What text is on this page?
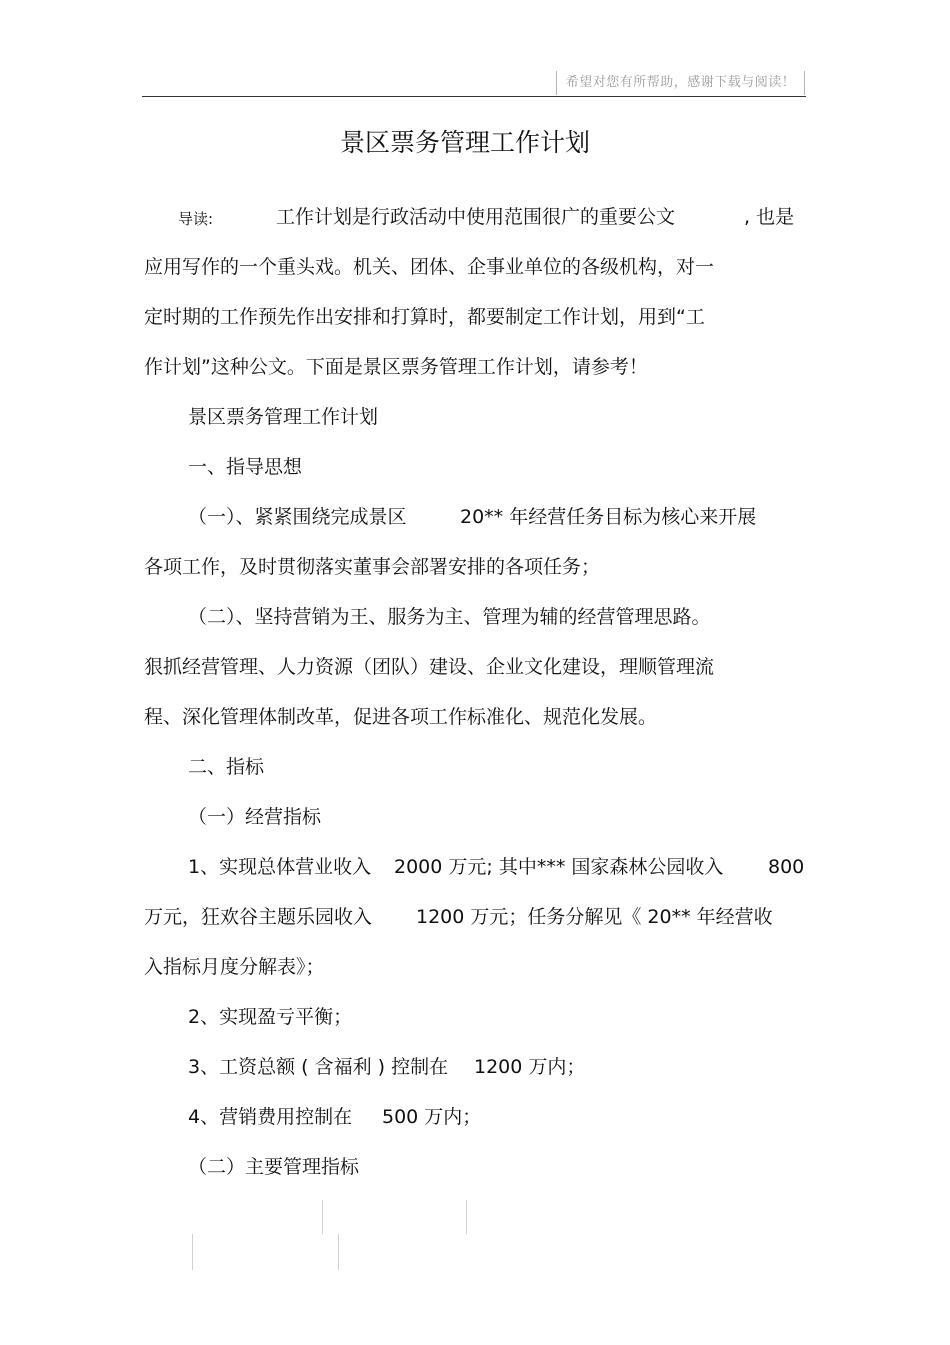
希望对您有所帮助，感谢下载与阅读！
景区票务管理工作计划
导读:	工作计划是行政活动中使用范围很广的重要公文	, 也是
应用写作的一个重头戏。机关、团体、企事业单位的各级机构，对一
定时期的工作预先作出安排和打算时，都要制定工作计划，用到“工
作计划”这种公文。下面是景区票务管理工作计划，请参考！
景区票务管理工作计划
一、指导思想
（一）、紧紧围绕完成景区	20** 年经营任务目标为核心来开展
各项工作，及时贯彻落实董事会部署安排的各项任务；
（二）、坚持营销为王、服务为主、管理为辅的经营管理思路。
狠抓经营管理、人力资源（团队）建设、企业文化建设，理顺管理流
程、深化管理体制改革，促进各项工作标准化、规范化发展。
二、指标
（一）经营指标
1、实现总体营业收入 2000 万元; 其中*** 国家森林公园收入 800
万元，狂欢谷主题乐园收入 1200 万元；任务分解见《 20** 年经营收
入指标月度分解表》；
2、实现盈亏平衡；
3、工资总额 ( 含福利 ) 控制在 1200 万内；
4、营销费用控制在 500 万内；
（二）主要管理指标
